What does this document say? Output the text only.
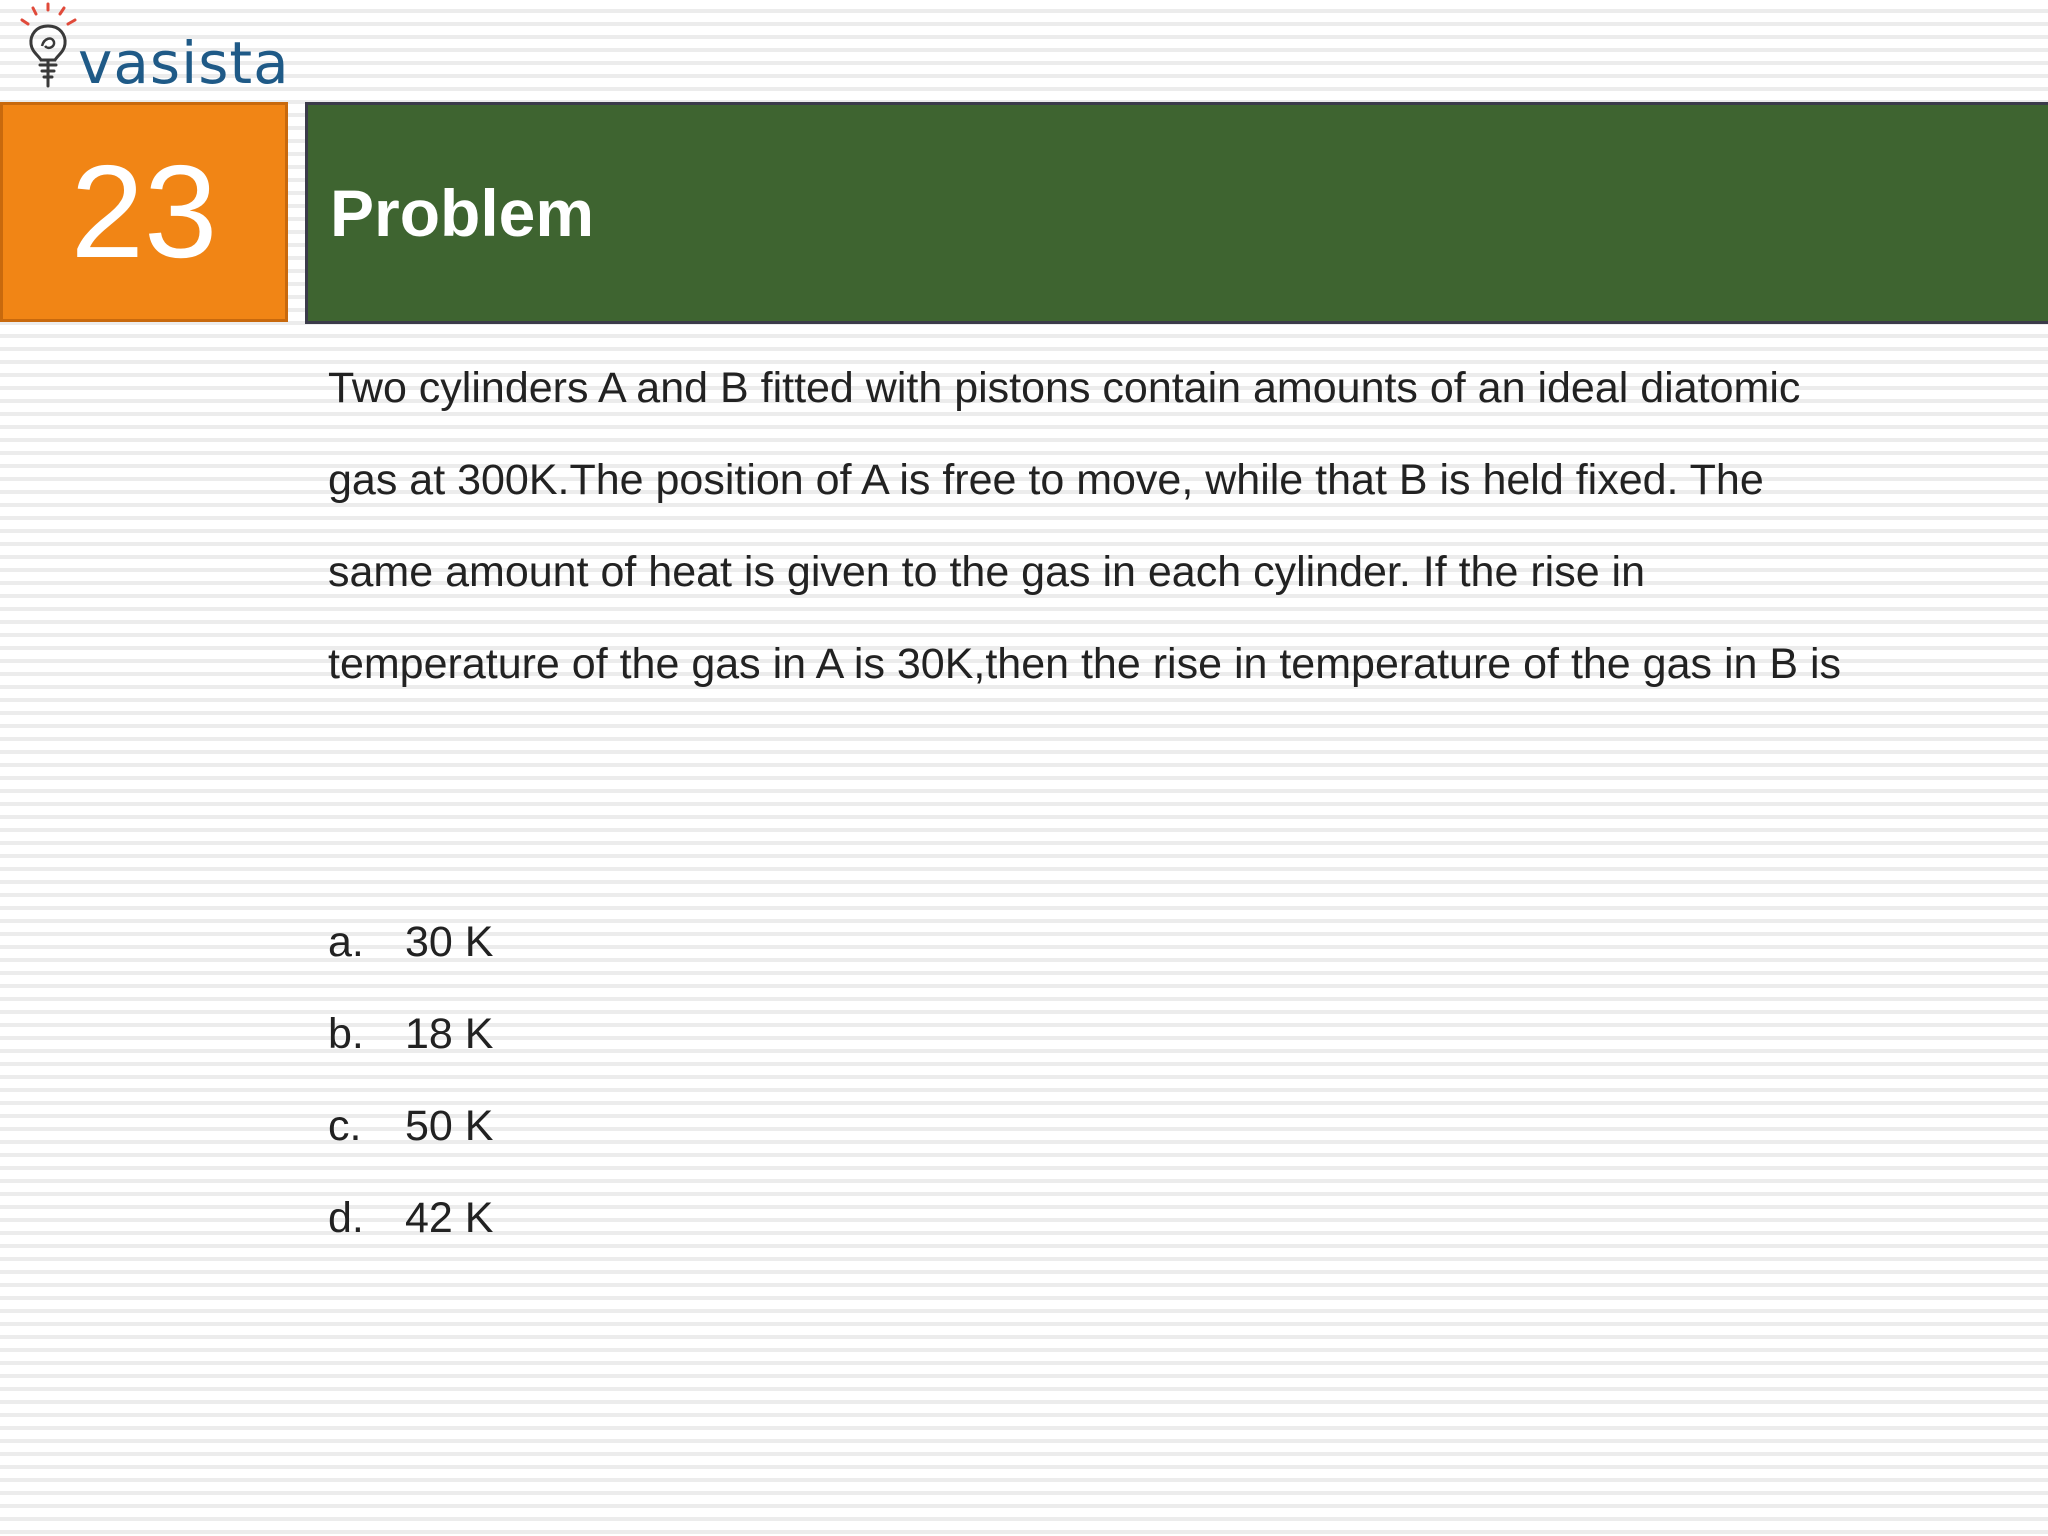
vasista
23 Problem
Two cylinders A and B fitted with pistons contain amounts of an ideal diatomic
gas at 300K.The position of A is free to move, while that B is held fixed. The
same amount of heat is given to the gas in each cylinder. If the rise in
temperature of the gas in A is 30K,then the rise in temperature of the gas in B is
a. 30 K
b. 18 K
c. 50 K
d. 42 K
